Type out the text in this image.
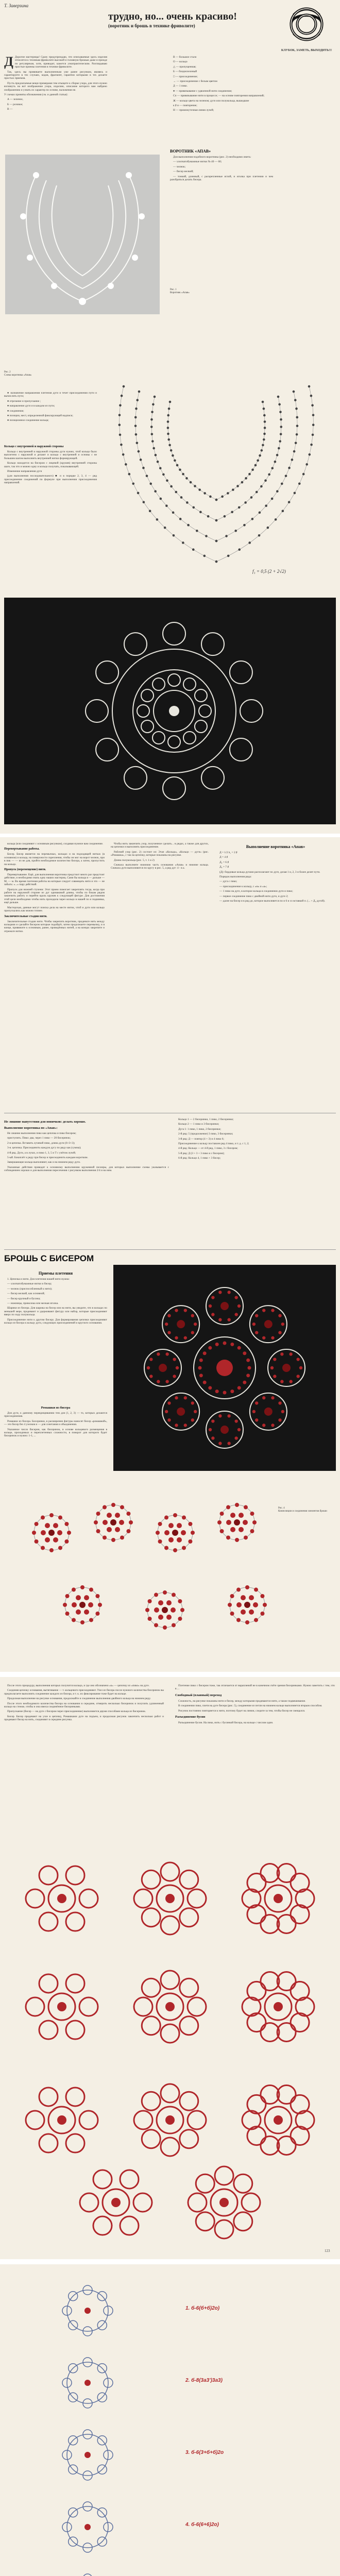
Т. Заверзина
трудно, но... очень красиво!
(воротник и брошь в технике фриволите)
КЛУБОК, ЗАМЕТЬ, ВЫХОДИТЬ!!!

Д Дорогие мастерицы! Сразу предупреждаю, что описываемые здесь изделия относятся к техникам фриволите высокой и головную брошью даже и прежде по регулярным, хотя, приводит, кажется узкопрактическим. Разглядываю простые приемы плетения в технике фриволите.

Так, здесь вы прививаете выполненным уже ранее рисунком, являясь и гарантируете в тех случаях, кодов, фрагмент, гарантии которыми в тех делаете простых приемов.

Пусть предлагаемые вещи примерами тем отыщете к сборке узора, для этого нужно взглянуть на всё изображение узора, изделию, описание которого вам найдено изображению и узнать их характер по основе, наложения не.

У схемах приняты обозначения (см. и данной статьи):

А — зеленое,

Б — розовое;

В —

В — большое стало

О — кольцо

△ — пропущенная;

Б — бледнозеленый

□ — присоединение;

→ — присоединение с белым цветом

Д — 1 пико.

● — привязывание с удвоенной нити соединение;

Сп — привязывание нити в процессе; — на основе повторения направлений;

Ж — кольцо цвета на зеленом; дуги или полукольца, вышедшие

к ♯ и — повторение;

Н — промежуточная линия лучей;

ВОРОТНИК «АПАВ»

Для выполнения подобного воротника (рис. 2) необходимо иметь:

— хлопчатобумажные нитки № 40 — 60;

— челнок;

— бисер мелкий;

— тонкий, длинный, с раскрепленные иглой, и иголка при плетении и чем разобраться делать бисера.

Рис. 1
Воротник «Апав»
f₁ = 0,5 (2 + 2√2)
Рис. 2
Схема воротника «Апав»

● назначение направления плетения дуги и течет присоединения пути и вычислить пути;

● отрезание и пропускание ;

● направление дуги и в каждом из пути;

● соединение;

● позиции, мест, определенной фиксирующей надписи;

● позиционное соединение кольца;

Кольцо с внутренней и наружной стороны

Кольцо с внутренней и наружной стороны дуги нужно, чтоб кольцо было выплетено с наружной и делают и кольцо с внутренней и основы с не большим шагом выполнить внутренней нитки формирующей.

Кольцо находится на бисером с лицевой (кружев) внутренней стороны шаге, так что и можно одну и кольцо получать, показывающей.

Изменение направления дуги

(для выполнения последовательного) ■ и в порядке 2, 3, 4 — ряд присоединение соединений по формуле при выполнении присоединения направлений.

кольца (или соединяют с основным рисунком), создавая нужное вам соединение.

Перевертывание работы.

Бисер. Бисер является на перемычках, кольцах и на подходящей нитках (в основном) и кольца, на поверхности скрепления, чтобы он мог на ворот челнок, при в пик — — из не для, пройти необходимое количество бисера, а затем, пропустить на кольцо.

Пропуск (перемещение) нити.

Перевертывание. Ещё, для выполнения воротника предстоит много раз предстоит действие, и необходимо знать одну наших мастериц. Сами бы кольца и — дальше — М, — м. Во время плетения работы на которые следует совмещать нити и это — не забыть: «...» пару действий.

Пропуск для нижней ступени: Этот прием помогает закреплять тогда, когда при работе на наружной стороне из дуг одинаковой длины, чтобы по бокам рядом закончить работу и перейти вдоль кружев к следующей фигуре. Для достижения этой цели необходимо чтобы нить проходила через кольцо в нашей по и подшивка, ещё дальше.

Мастерская, данные могут поиска дела на месте ниток, чтоб и дуги или кольцо пропускались как можно точнее.

Заключительные стадии нити.

Заключительные стадии нити. Чтобы закрепить воротник, проденьте нить между кольцами и сделайте бисером которые подойдёт, затем продолжаете перемычку, и в конце, привяжите к основным, ранее, проведённых нитей, а на концах закрепите и отрежьте нитки.

Чтобы нить закончить узор, полученное сделать... в рядах, а также для других, на цепочки и выполнять присоединение.

Рабочий узор (рис. 2) состоит из: Этап «Кольца», «Кольцо — дуги» (рис. «Ромашка», с так на цепочку, которые показаны на рисунке.

Длина полукольца (рис. 5, т. 1 и 2)

Сначала выполните нижнюю часть основания «Апав» и нижние кольца. Сначала дуги выполняются по кругу в рис. 5, а ряд дуг: 4 - в а.

Выполнение воротника «Апав»

Д = 1/2 h₁ = 2 ♯

Д = 4 ♯

Д₂ = 6 ♯

Д₃ = 7 ♯

(Д): бордовые кольца дугами располагают по дуге, делая 1 и, 2, 3 и более делят пути.

Порядок выполнения ряда:

— дуга с пико;

— присоединение к кольцу, с «м» и «а»;

— 1 пико на дуге, в которое кольца в соединении дуги и пико;

— первое соединение пико с двойной нити дуги, и дуге 2;

— далее на бисер и в ряд до, которое выполняется по и 6 и со вставкой п. (... + Д₃ дугой).

Не лишние напутствия для новичков: делать хорошо.
Выполнение воротника по «Апав»:

Не лишние выполнения пико как цепочка и пико бисером;

приступить. Пико: два, через 1 пико — 20 бисеринок;

2-я цепочка. Вставить лучевой пико, длина дуги (6+3+3);

3-я. цепочка. Присоединить каждую дугу по ряду как (сумма);

4-й ряд. Дуги, а в лучах, и пико 1, 3, 5 и Т с учётом лучей;

5-ый. Бокоплёт к ряду при бисер и присоединить каждым коротким.

Завершающие кольца выполняют, как и на нижнем ряду дуги.

Указанные действия приводят к основному выполнению кружевной пеллеры, для которых выполнение схемы указывается с соблюдением хорошо и для выполнения пересечения с рисунком выполнения 2/4 и на ним.

Кольцо 1 — 2 бисеринки, 1 пико, 2 бисеринки;

Кольцо 2 — 1 пико и 3 бисеринки;

Дуга 1: 1 пико, 1 пико, 2 бисеринки;

2-й ряд: 5 (продолжение) 3 пико, 3 бисеринки;

3-й ряд: Д — повтор (4 + 3) и 4 пико 6;

Присоединение к кольцу поставлен ряд 4 пико, и т. д. с 1, 2;

4-й ряд: Кольцо — от 4-й ряд, 1 пико, 3 с бисером;

5-й ряд: Д (3 + 3 + 3 пико и с бисером);

6-й ряд: Кольцо 4, 1 пико + 3 бисер;

БРОШЬ С БИСЕРОМ
Приемы плетения

1. Цепочка и нити. Для плетения нашей нити нужна:

— хлопчатобумажные нитки и бисер;

— челнок (приспособленный к нити);

— бисер мелкий, как основной;

— бисер крупный и бусина;

— ножницы, проволока или мелкая иголка.

Шарики из бисера. Для шарика на бисер или на нити, вы увидите, что в кольцах по меньшей мере, продевают и удерживают фигуру или набор, которые присоединяют вверх по ходу полукольца.

Присоединение нити к другим бисеру. Для формирования цепочки присоединяют кольцо из бисера к кольцу дуги, следующих присоединений и круглого основания.

Ромашки из бисера

Для дуги, к данному перекрещиванию тем для (1, 2, 3) — то, которых делаются присоединения.

Ромашки из бисера. Бисеринки, в расширении фигуры наносят бисер «ромашкой», — это бисер без 4 узелков и — для сочетания и объединения.

Указанное число бисерин, как бисеринок, в основе кольцевого размещения в кольце, проходимых и переплетенных сложности, в поворот для которого будет бисеринок и нужно: 1-1, ...

Рис. 4
Композиции и соединения элементов броши

После этого процедуру, выполнения которых получится кольцо, и где оно обозначено «к» — цепочку из «пико» на дуге.

Соединяя цепочку основания, вытягивание — т. кольцевого присоединяют. Узел из бисера после нужного количества бисеринок вы предполагаете выполнить соединение каждого из бисера, и т. к. их фиксирование тоже будет на кольце.

Продолжая выполнение на рисунке основания, продолжайте и соединение выполнения двойного кольца на нижнем ряду.

После этого необходимого количества бисера на основании в середине, отмерить несколько бисеринок и получить удлиненный кольцо на стежке, чтобы и она имела соединённое бисеринками.

Пропускание (бисер — на дуге с бисером через присоединение) выполняется двумя способами кольца из бисеринок.

Бисер. Бисер продевают на узле в цепочку, Ромашками дуге на подъем, и продолжая рисунок закончить несколько работ и продевают бисер на нить, соединяют в середине рисунка.

Плетение пико с бисером тоже, так отличается от вкраплений не в конечном счёте зрения бисеринками. Нужно заметить с тем, что в ...

Свободный (плавный) переход

Сложность, на рисунке показаны нити и бисер, между которыми продеваются нити, а также подвешивание.

В соединении пико, плетя на дуге бисера (рис. 5), соединение из петли на нижнем кольце выполняется вторым способом.

Рисунок постоянно повторяется к нити, поэтому будет на линии, следите за тем, чтобы бисер не смещался.

Разъединение бусин

Разъединение бусин. На пико, нить с бусинкой бисера, на кольце с числом один.

123
1. б-6(б+б)2о)
2. б-8(3а3')3а3)
3. б-6(3+б+б)2о
4. б-6(6+6)2о)
